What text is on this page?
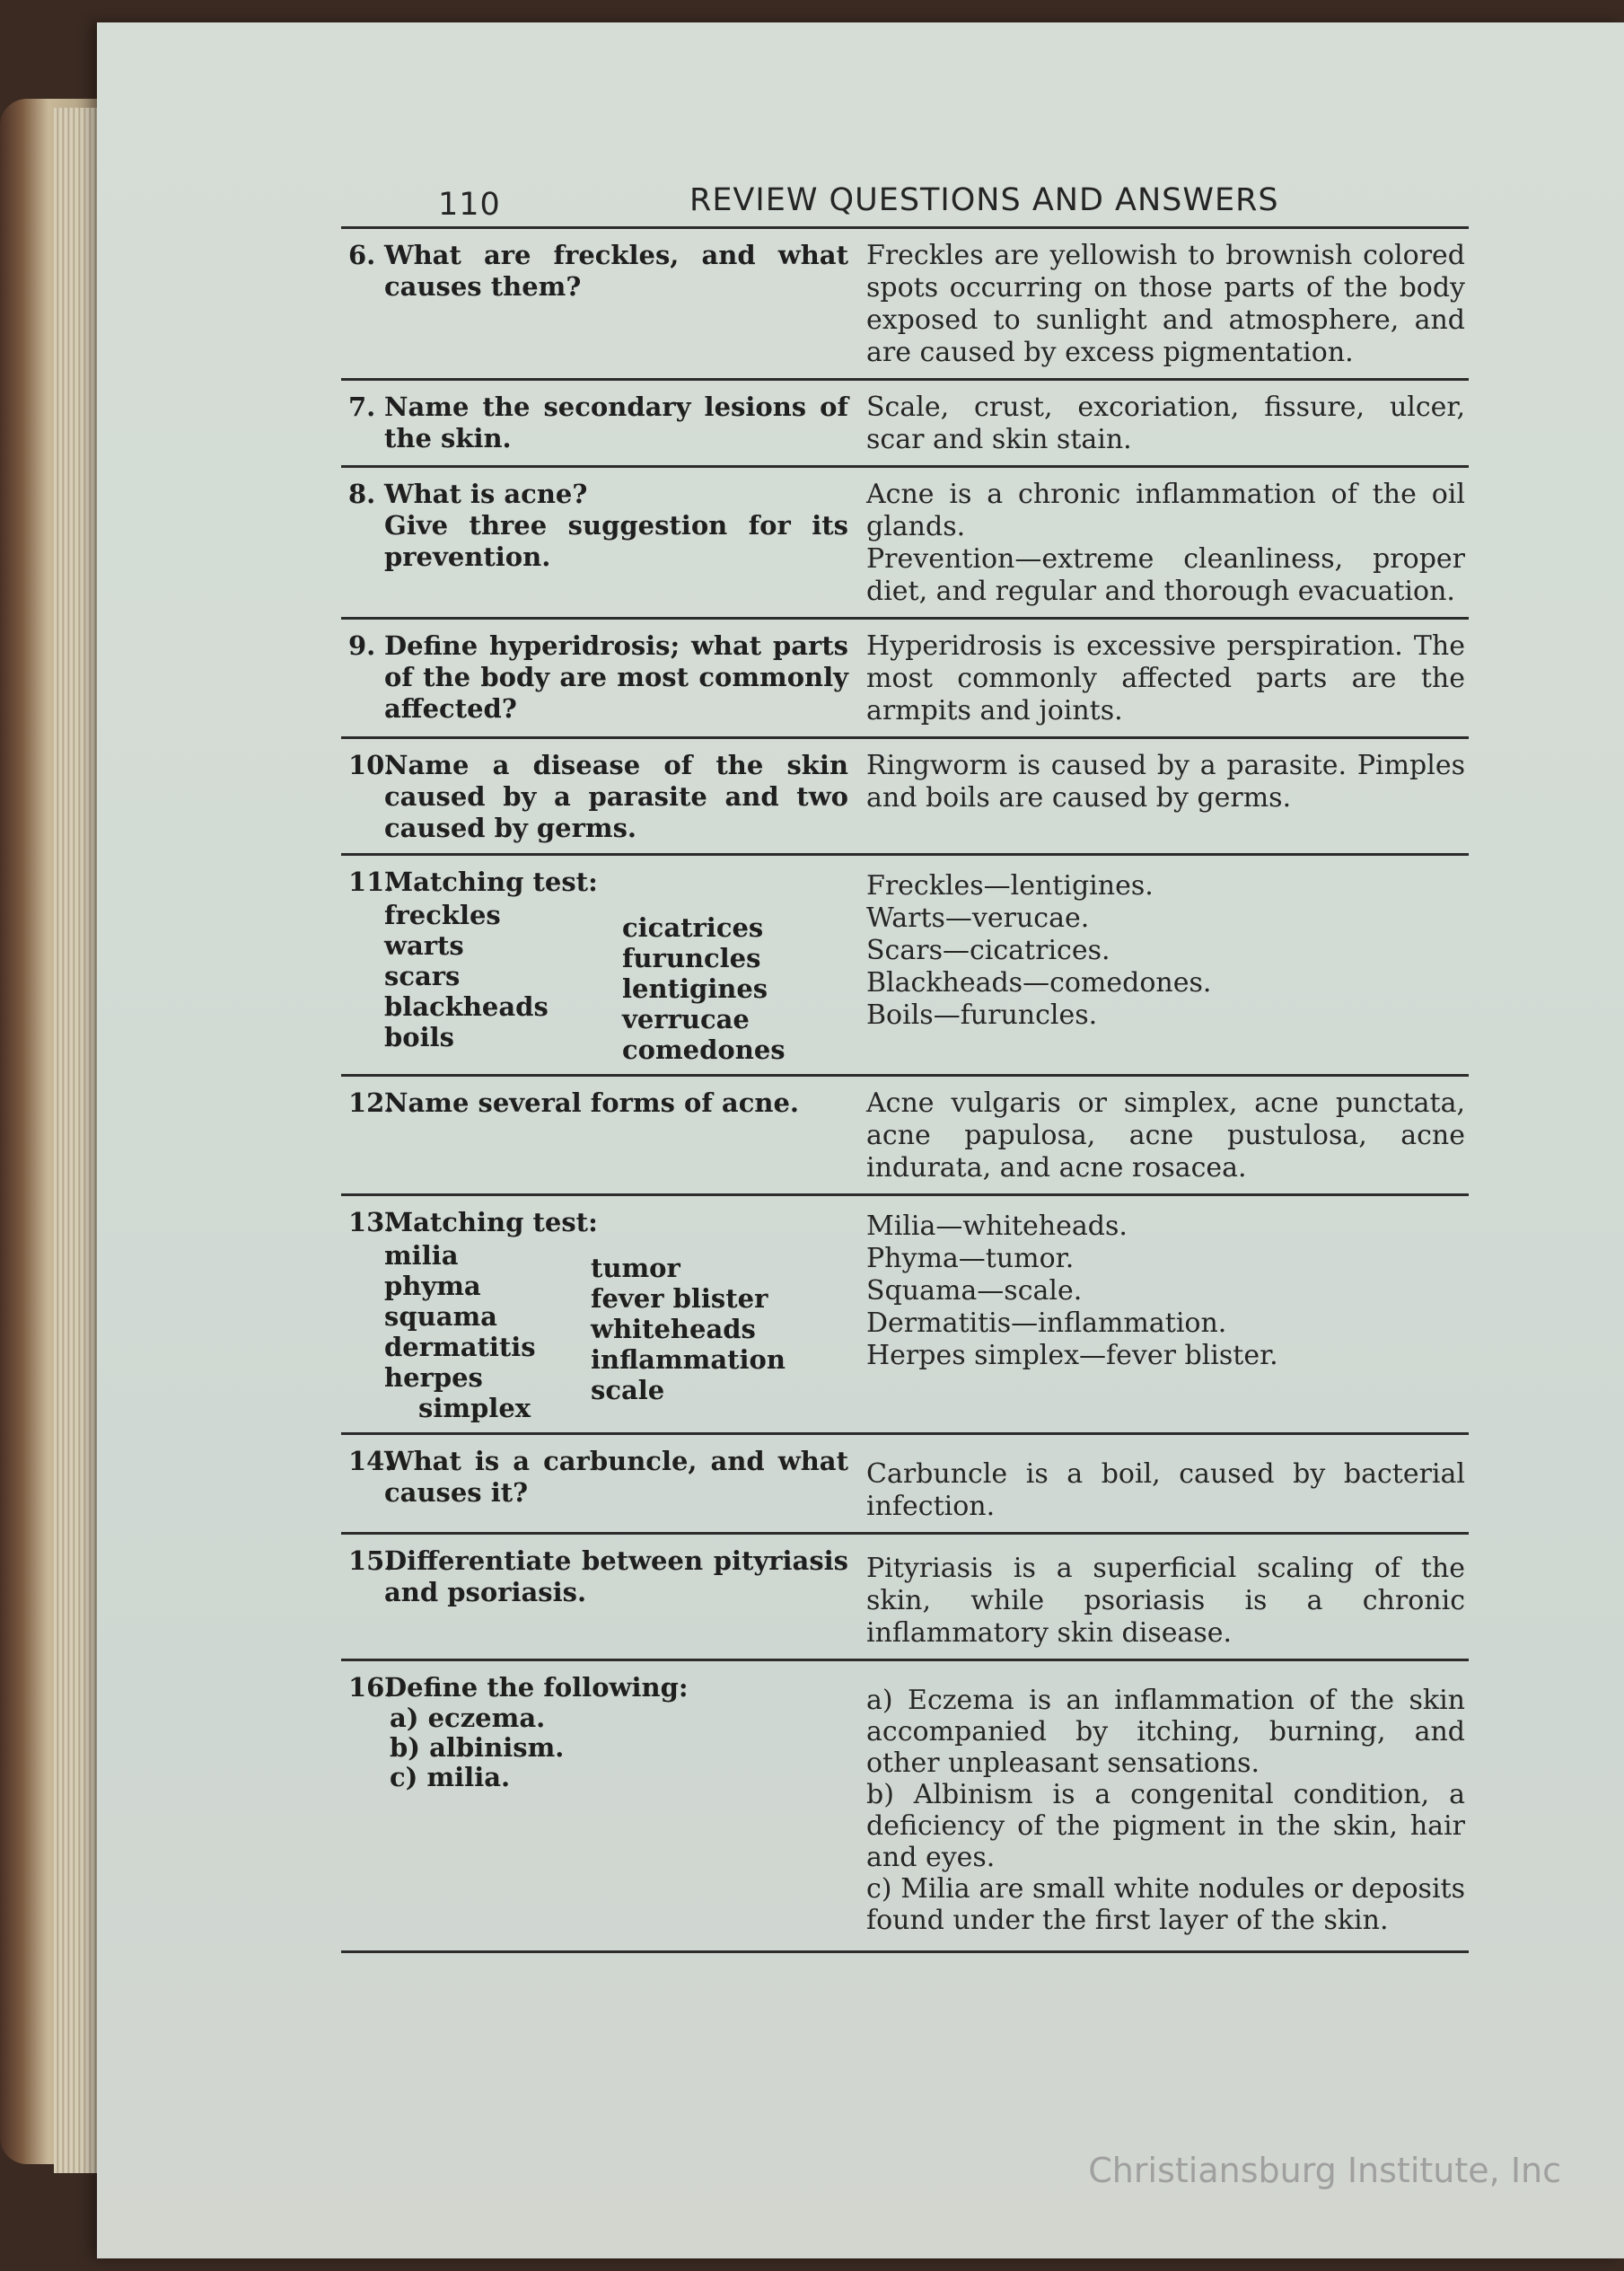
110	REVIEW QUESTIONS AND ANSWERS
6. What are freckles, and what causes them?
Freckles are yellowish to brownish colored spots occurring on those parts of the body exposed to sunlight and atmosphere, and are caused by excess pigmentation.
7. Name the secondary lesions of the skin.
Scale, crust, excoriation, fissure, ulcer, scar and skin stain.
8. What is acne?
Give three suggestion for its prevention.
Acne is a chronic inflammation of the oil glands.
Prevention—extreme cleanliness, proper diet, and regular and thorough evacuation.
9. Define hyperidrosis; what parts of the body are most commonly affected?
Hyperidrosis is excessive perspiration. The most commonly affected parts are the armpits and joints.
10.
Name a disease of the skin caused by a parasite and two caused by germs.
Ringworm is caused by a parasite. Pimples and boils are caused by germs.
11.
Matching test:
freckles
warts
scars
blackheads
boils
cicatrices
furuncles
lentigines
verrucae
comedones
Freckles—lentigines.
Warts—verucae.
Scars—cicatrices.
Blackheads—comedones.
Boils—furuncles.
12.
Name several forms of acne.	Acne vulgaris or simplex, acne punctata, acne papulosa, acne pustulosa, acne indurata, and acne rosacea.
13.
Matching test:
milia
phyma
squama
dermatitis
herpes
simplex
tumor
fever blister
whiteheads
inflammation
scale
Milia—whiteheads.
Phyma—tumor.
Squama—scale.
Dermatitis—inflammation.
Herpes simplex—fever blister.
14.
What is a carbuncle, and what causes it?
Carbuncle is a boil, caused by bacterial infection.
15.
Differentiate between pityriasis and psoriasis.
Pityriasis is a superficial scaling of the skin, while psoriasis is a chronic inflammatory skin disease.
16.
Define the following:
a) eczema.
b) albinism.
c) milia.
a) Eczema is an inflammation of the skin accompanied by itching, burning, and other unpleasant sensations.
b) Albinism is a congenital condition, a deficiency of the pigment in the skin, hair and eyes.
c) Milia are small white nodules or deposits found under the first layer of the skin.
Christiansburg Institute, Inc
